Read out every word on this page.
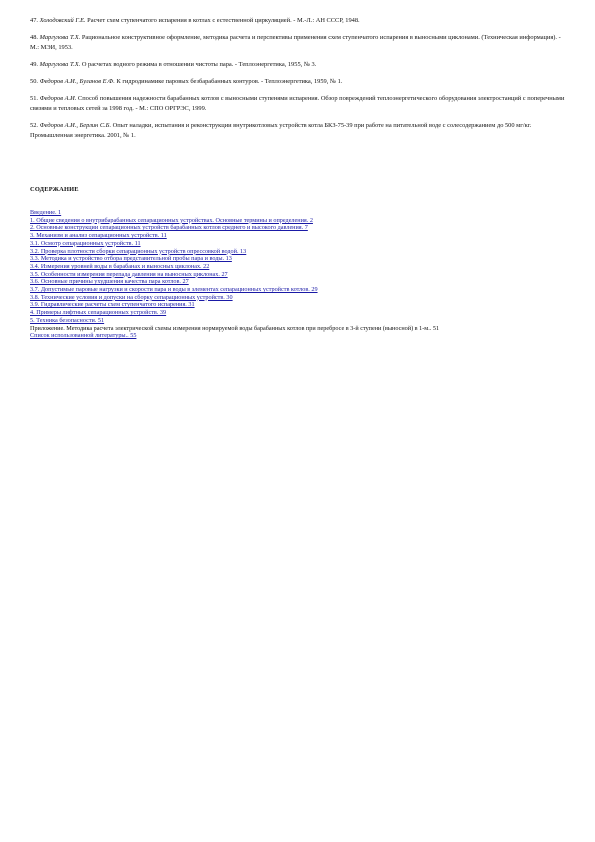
47. Холодовский Г.Е. Расчет схем ступенчатого испарения в котлах с естественной циркуляцией. - М.-Л.: АН СССР, 1948.

48. Маргулова Т.Х. Рациональное конструктивное оформление, методика расчета и перспективы применения схем ступенчатого испарения в выносными циклонами. (Техническая информация). - М.: МЭИ, 1953.

49. Маргулова Т.Х. О расчетах водного режима в отношении чистоты пара. - Теплоэнергетика, 1955, № 3.

50. Федоров А.И., Буланов Е.Ф. К гидродинамике паровых безбарабанных контуров. - Теплоэнергетика, 1959, № 1.

51. Федоров А.И. Способ повышения надежности барабанных котлов с выносными ступенями испарения. Обзор повреждений теплоэнергетического оборудования электростанций с поперечными связями и тепловых сетей за 1998 год. - М.: СПО ОРГРЭС, 1999.

52. Федоров А.И., Берлин С.Б. Опыт наладки, испытания и реконструкции внутрикотловых устройств котла БКЗ-75-39 при работе на питательной воде с солесодержанием до 500 мг/кг. Промышленная энергетика. 2001, № 1.

СОДЕРЖАНИЕ

Введение. 1

1. Общие сведения о внутрибарабанных сепарационных устройствах. Основные термины и определения. 2

2. Основные конструкции сепарационных устройств барабанных котлов среднего и высокого давления. 7

3. Механизм и анализ сепарационных устройств. 11

3.1. Осмотр сепарационных устройств. 11

3.2. Проверка плотности сборки сепарационных устройств опрессовкой водой. 13

3.3. Методика и устройство отбора представительной пробы пара и воды. 13

3.4. Измерения уровней воды в барабанах и выносных циклонах. 22

3.5. Особенности измерения перепада давления на выносных циклонах. 27

3.6. Основные причины ухудшения качества пара котлов. 27

3.7. Допустимые паровые нагрузки и скорости пара и воды в элементах сепарационных устройств котлов. 29

3.8. Технические условия и допуски на сборку сепарационных устройств. 30

3.9. Гидравлические расчеты схем ступенчатого испарения. 31

4. Примеры лифтных сепарационных устройств. 39

5. Техника безопасности. 51

Приложение. Методика расчета электрической схемы измерения нормируемой воды барабанных котлов при перебросе в 3-й ступени (выносной) в 1-м.. 51

Список использованной литературы.. 55
